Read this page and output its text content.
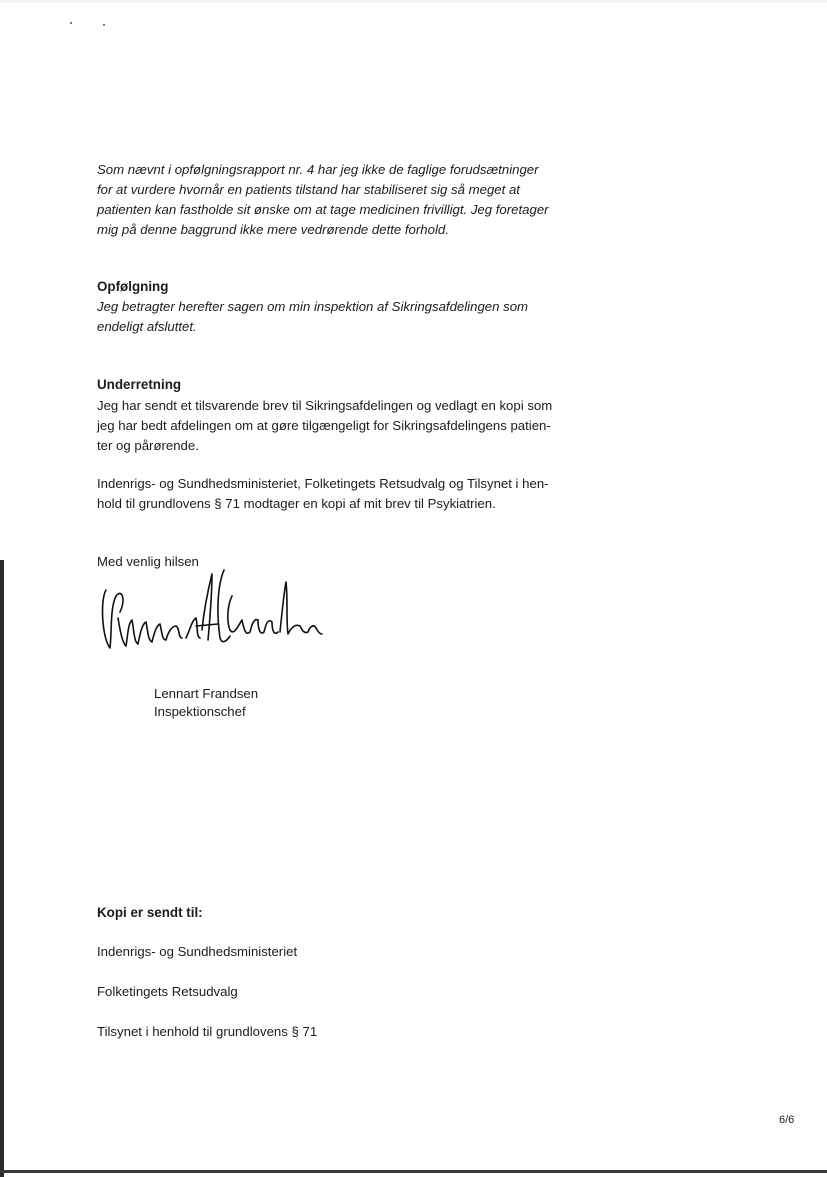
Som nævnt i opfølgningsrapport nr. 4 har jeg ikke de faglige forudsætninger
for at vurdere hvornår en patients tilstand har stabiliseret sig så meget at
patienten kan fastholde sit ønske om at tage medicinen frivilligt. Jeg foretager
mig på denne baggrund ikke mere vedrørende dette forhold.

Opfølgning

Jeg betragter herefter sagen om min inspektion af Sikringsafdelingen som
endeligt afsluttet.

Underretning

Jeg har sendt et tilsvarende brev til Sikringsafdelingen og vedlagt en kopi som
jeg har bedt afdelingen om at gøre tilgængeligt for Sikringsafdelingens patien-
ter og pårørende.

Indenrigs- og Sundhedsministeriet, Folketingets Retsudvalg og Tilsynet i hen-
hold til grundlovens § 71 modtager en kopi af mit brev til Psykiatrien.

Med venlig hilsen

Lennart Frandsen

Inspektionschef

Kopi er sendt til:

Indenrigs- og Sundhedsministeriet

Folketingets Retsudvalg

Tilsynet i henhold til grundlovens § 71

6/6
